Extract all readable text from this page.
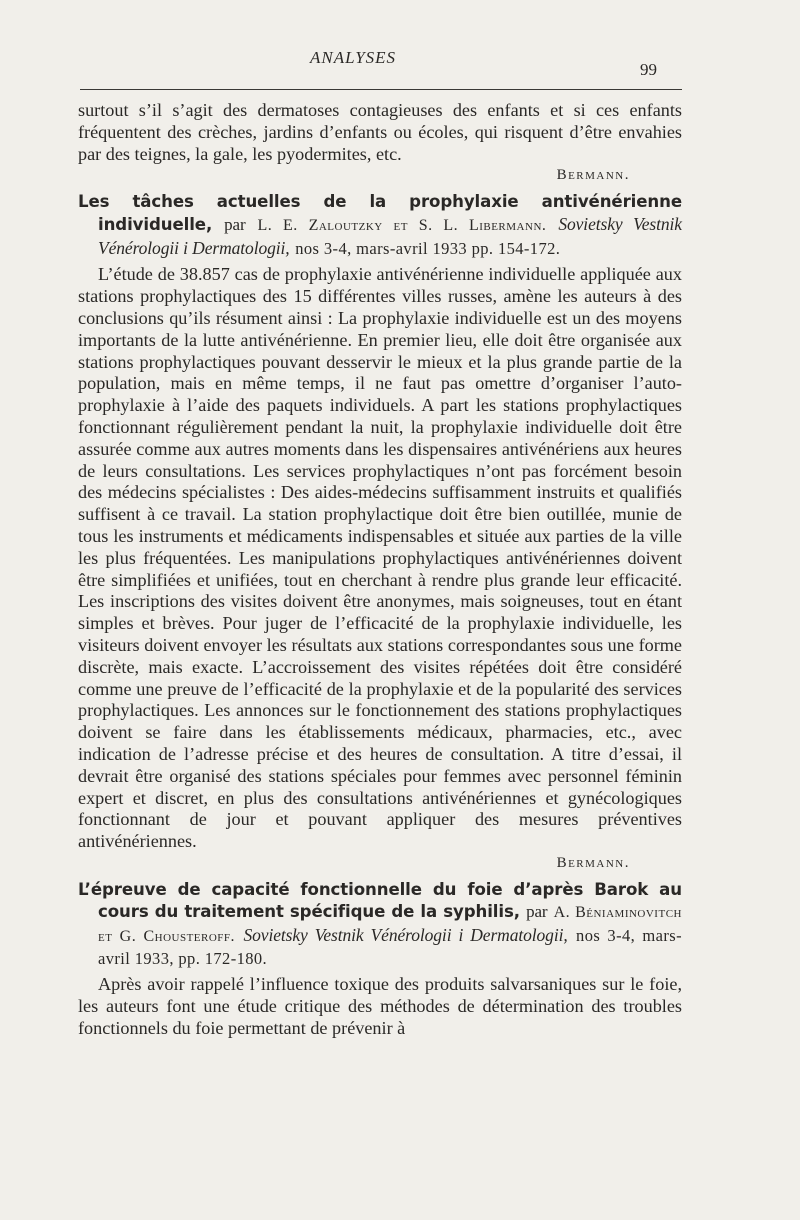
ANALYSES
99

surtout s’il s’agit des dermatoses contagieuses des enfants et si ces enfants fréquentent des crèches, jardins d’enfants ou écoles, qui risquent d’être envahies par des teignes, la gale, les pyodermites, etc.

Bermann.

Les tâches actuelles de la prophylaxie antivénérienne individuelle, par L. E. Zaloutzky et S. L. Libermann. Sovietsky Vestnik Vénérologii i Dermatologii, nos 3-4, mars-avril 1933 pp. 154-172.

L’étude de 38.857 cas de prophylaxie antivénérienne individuelle appliquée aux stations prophylactiques des 15 différentes villes russes, amène les auteurs à des conclusions qu’ils résument ainsi : La prophylaxie individuelle est un des moyens importants de la lutte antivénérienne. En premier lieu, elle doit être organisée aux stations prophylactiques pouvant desservir le mieux et la plus grande partie de la population, mais en même temps, il ne faut pas omettre d’organiser l’auto-prophylaxie à l’aide des paquets individuels. A part les stations prophylactiques fonctionnant régulièrement pendant la nuit, la prophylaxie individuelle doit être assurée comme aux autres moments dans les dispensaires antivénériens aux heures de leurs consultations. Les services prophylactiques n’ont pas forcément besoin des médecins spécialistes : Des aides-médecins suffisamment instruits et qualifiés suffisent à ce travail. La station prophylactique doit être bien outillée, munie de tous les instruments et médicaments indispensables et située aux parties de la ville les plus fréquentées. Les manipulations prophylactiques antivénériennes doivent être simplifiées et unifiées, tout en cherchant à rendre plus grande leur efficacité. Les inscriptions des visites doivent être anonymes, mais soigneuses, tout en étant simples et brèves. Pour juger de l’efficacité de la prophylaxie individuelle, les visiteurs doivent envoyer les résultats aux stations correspondantes sous une forme discrète, mais exacte. L’accroissement des visites répétées doit être considéré comme une preuve de l’efficacité de la prophylaxie et de la popularité des services prophylactiques. Les annonces sur le fonctionnement des stations prophylactiques doivent se faire dans les établissements médicaux, pharmacies, etc., avec indication de l’adresse précise et des heures de consultation. A titre d’essai, il devrait être organisé des stations spéciales pour femmes avec personnel féminin expert et discret, en plus des consultations antivénériennes et gynécologiques fonctionnant de jour et pouvant appliquer des mesures préventives antivénériennes.

Bermann.

L’épreuve de capacité fonctionnelle du foie d’après Barok au cours du traitement spécifique de la syphilis, par A. Béniaminovitch et G. Chousteroff. Sovietsky Vestnik Vénérologii i Dermatologii, nos 3-4, mars-avril 1933, pp. 172-180.

Après avoir rappelé l’influence toxique des produits salvarsaniques sur le foie, les auteurs font une étude critique des méthodes de détermination des troubles fonctionnels du foie permettant de prévenir à
